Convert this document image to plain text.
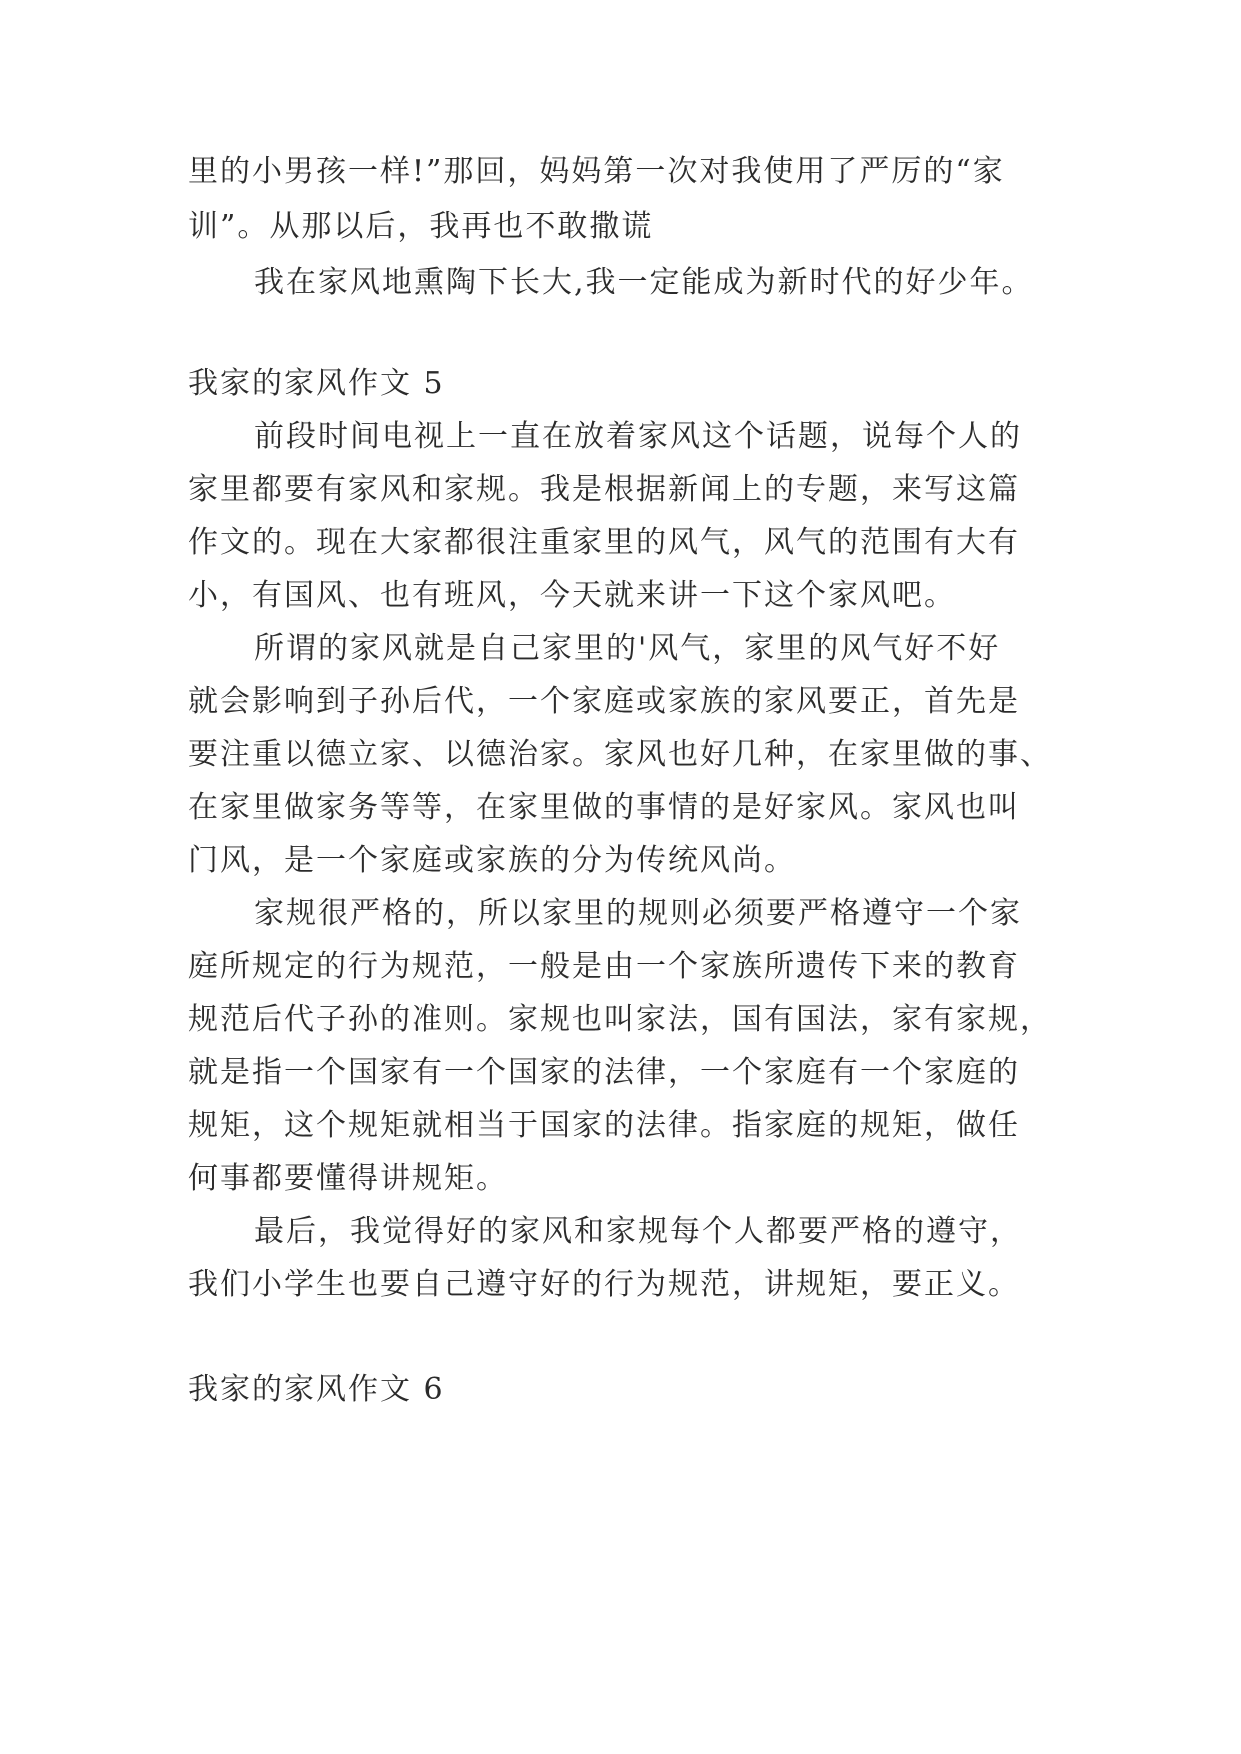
里的小男孩一样!”那回，妈妈第一次对我使用了严厉的“家

训”。从那以后，我再也不敢撒谎

我在家风地熏陶下长大,我一定能成为新时代的好少年。

我家的家风作文 5

前段时间电视上一直在放着家风这个话题，说每个人的

家里都要有家风和家规。我是根据新闻上的专题，来写这篇

作文的。现在大家都很注重家里的风气，风气的范围有大有

小，有国风、也有班风，今天就来讲一下这个家风吧。

所谓的家风就是自己家里的'风气，家里的风气好不好

就会影响到子孙后代，一个家庭或家族的家风要正，首先是

要注重以德立家、以德治家。家风也好几种，在家里做的事、

在家里做家务等等，在家里做的事情的是好家风。家风也叫

门风，是一个家庭或家族的分为传统风尚。

家规很严格的，所以家里的规则必须要严格遵守一个家

庭所规定的行为规范，一般是由一个家族所遗传下来的教育

规范后代子孙的准则。家规也叫家法，国有国法，家有家规，

就是指一个国家有一个国家的法律，一个家庭有一个家庭的

规矩，这个规矩就相当于国家的法律。指家庭的规矩，做任

何事都要懂得讲规矩。

最后，我觉得好的家风和家规每个人都要严格的遵守，

我们小学生也要自己遵守好的行为规范，讲规矩，要正义。

我家的家风作文 6
